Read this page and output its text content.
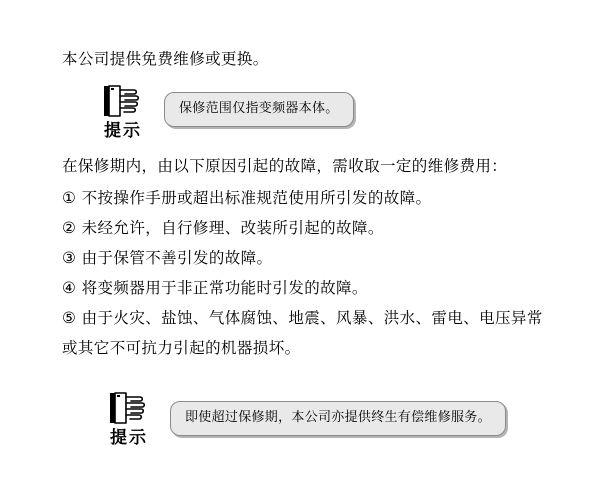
本公司提供免费维修或更换。
提示
保修范围仅指变频器本体。
在保修期内，由以下原因引起的故障，需收取一定的维修费用：
① 不按操作手册或超出标准规范使用所引发的故障。
② 未经允许，自行修理、改装所引起的故障。
③ 由于保管不善引发的故障。
④ 将变频器用于非正常功能时引发的故障。
⑤ 由于火灾、盐蚀、气体腐蚀、地震、风暴、洪水、雷电、电压异常
或其它不可抗力引起的机器损坏。
提示
即使超过保修期，本公司亦提供终生有偿维修服务。
